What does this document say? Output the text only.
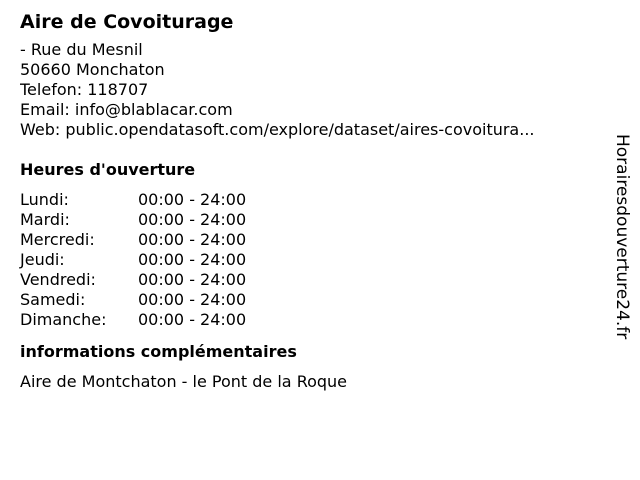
Aire de Covoiturage
- Rue du Mesnil
50660 Monchaton
Telefon: 118707
Email: info@blablacar.com
Web: public.opendatasoft.com/explore/dataset/aires-covoitura...
Heures d'ouverture
Lundi:	00:00 - 24:00
Mardi:	00:00 - 24:00
Mercredi:	00:00 - 24:00
Jeudi:	00:00 - 24:00
Vendredi:	00:00 - 24:00
Samedi:	00:00 - 24:00
Dimanche: 00:00 - 24:00
informations complémentaires
Aire de Montchaton - le Pont de la Roque
Horairesdouverture24.fr
